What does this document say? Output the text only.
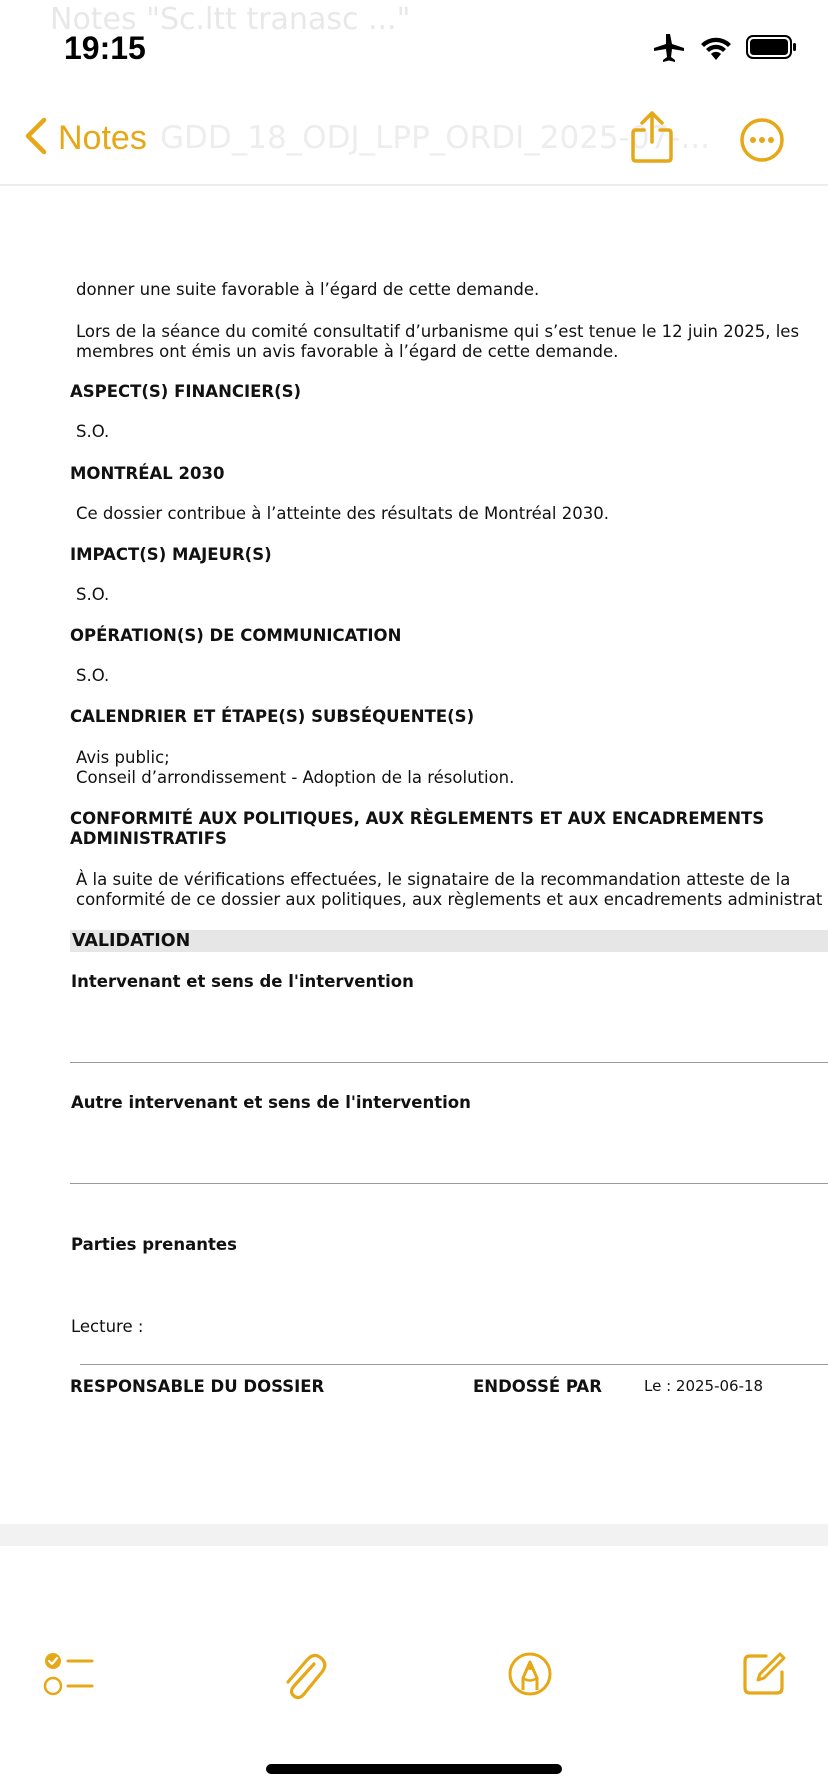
Notes "Sc.ltt tranasc ..."
19:15
GDD_18_ODJ_LPP_ORDI_2025-07-...
Notes
donner une suite favorable à l’égard de cette demande.
Lors de la séance du comité consultatif d’urbanisme qui s’est tenue le 12 juin 2025, les
membres ont émis un avis favorable à l’égard de cette demande.
ASPECT(S) FINANCIER(S)
S.O.
MONTRÉAL 2030
Ce dossier contribue à l’atteinte des résultats de Montréal 2030.
IMPACT(S) MAJEUR(S)
S.O.
OPÉRATION(S) DE COMMUNICATION
S.O.
CALENDRIER ET ÉTAPE(S) SUBSÉQUENTE(S)
Avis public;
Conseil d’arrondissement - Adoption de la résolution.
CONFORMITÉ AUX POLITIQUES, AUX RÈGLEMENTS ET AUX ENCADREMENTS
ADMINISTRATIFS
À la suite de vérifications effectuées, le signataire de la recommandation atteste de la
conformité de ce dossier aux politiques, aux règlements et aux encadrements administrat
VALIDATION
Intervenant et sens de l'intervention
Autre intervenant et sens de l'intervention
Parties prenantes
Lecture :
RESPONSABLE DU DOSSIER	ENDOSSÉ PAR	Le : 2025-06-18
